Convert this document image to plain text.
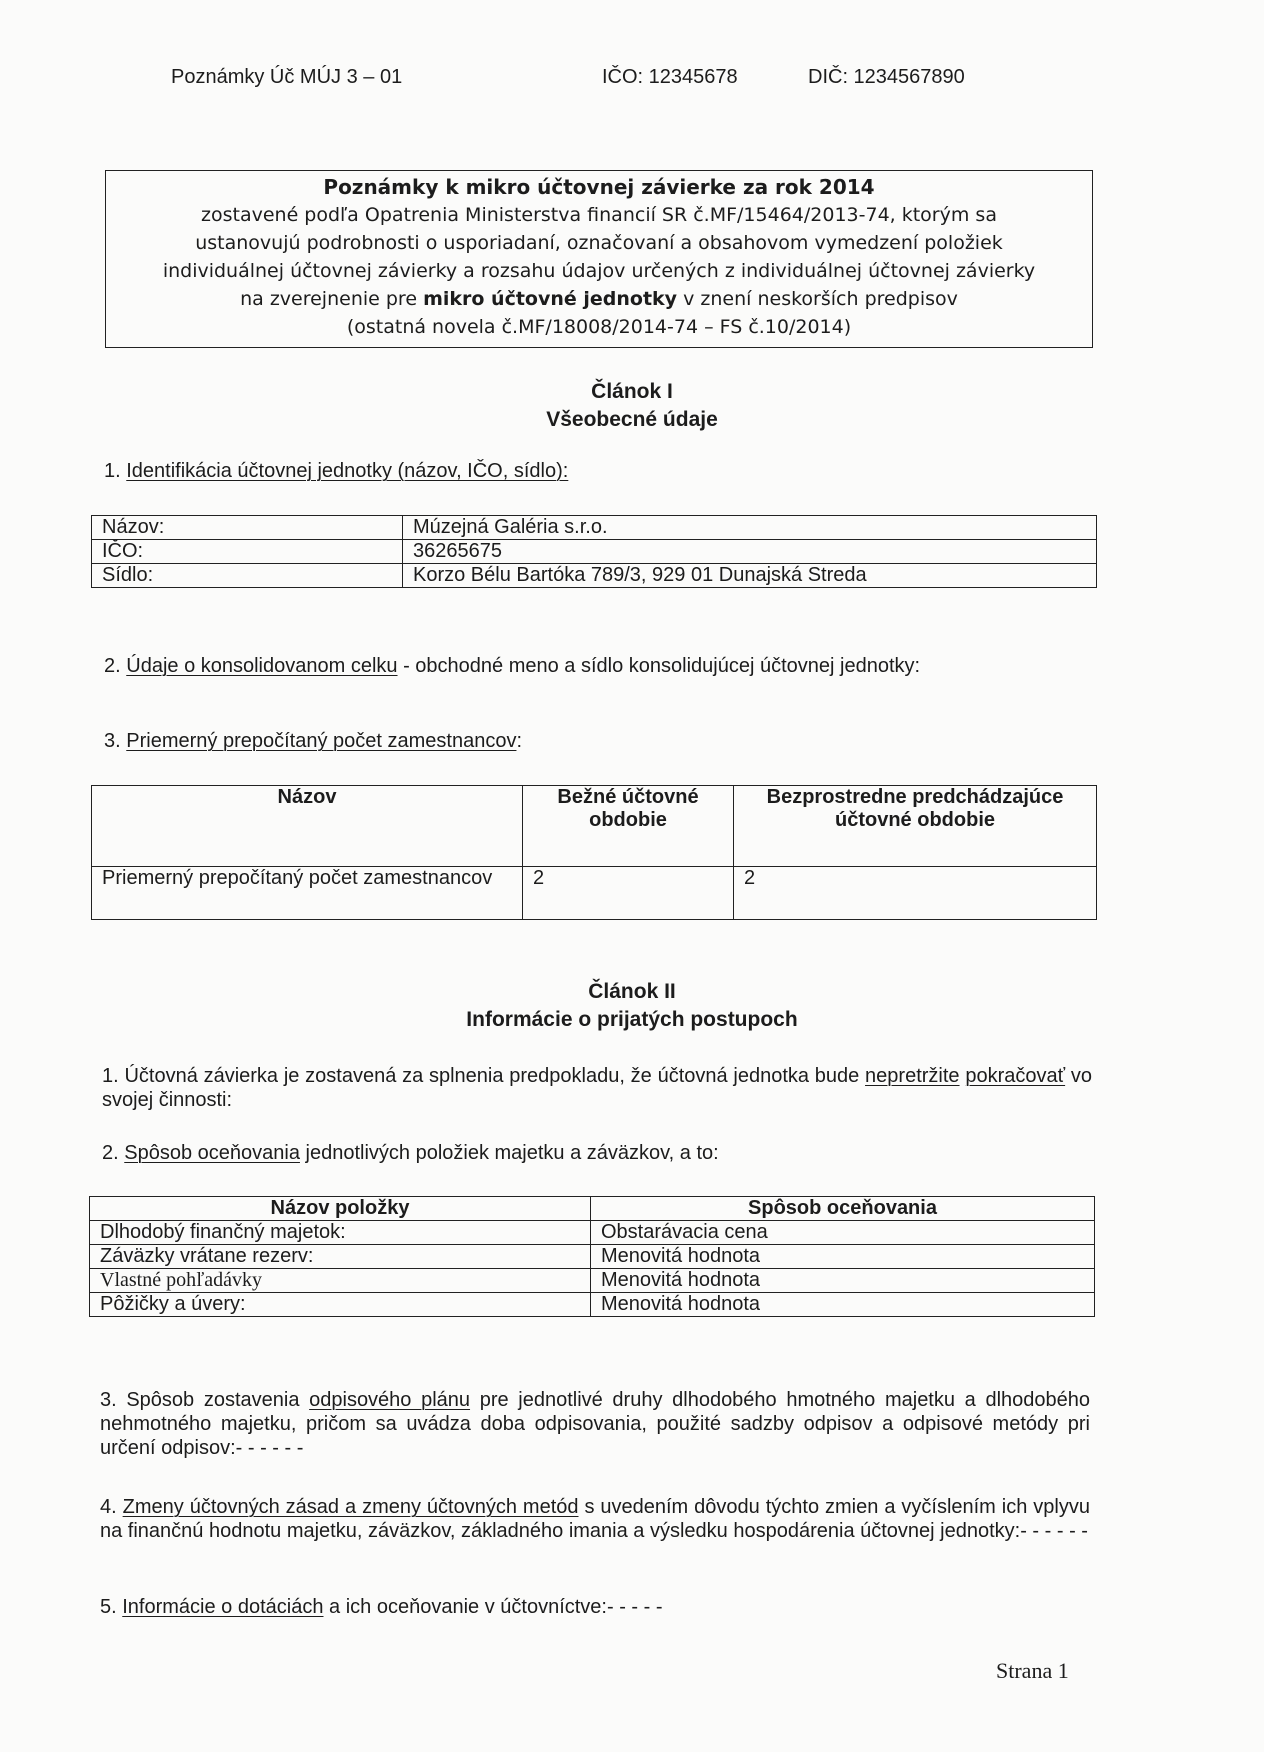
Poznámky Úč MÚJ 3 – 01	IČO: 12345678	DIČ: 1234567890
Poznámky k mikro účtovnej závierke za rok 2014
zostavené podľa Opatrenia Ministerstva financií SR č.MF/15464/2013-74, ktorým sa
ustanovujú podrobnosti o usporiadaní, označovaní a obsahovom vymedzení položiek
individuálnej účtovnej závierky a rozsahu údajov určených z individuálnej účtovnej závierky
na zverejnenie pre mikro účtovné jednotky v znení neskorších predpisov
(ostatná novela č.MF/18008/2014-74 – FS č.10/2014)
Článok I
Všeobecné údaje
1. Identifikácia účtovnej jednotky (názov, IČO, sídlo):
Názov:	Múzejná Galéria s.r.o.
IČO:	36265675
Sídlo:	Korzo Bélu Bartóka 789/3, 929 01 Dunajská Streda
2. Údaje o konsolidovanom celku - obchodné meno a sídlo konsolidujúcej účtovnej jednotky:
3. Priemerný prepočítaný počet zamestnancov:
Názov	Bežné účtovné obdobie	Bezprostredne predchádzajúce účtovné obdobie
Priemerný prepočítaný počet zamestnancov	2	2
Článok II
Informácie o prijatých postupoch
1. Účtovná závierka je zostavená za splnenia predpokladu, že účtovná jednotka bude nepretržite pokračovať vo svojej činnosti:
2. Spôsob oceňovania jednotlivých položiek majetku a záväzkov, a to:
Názov položky	Spôsob oceňovania
Dlhodobý finančný majetok:	Obstarávacia cena
Záväzky vrátane rezerv:	Menovitá hodnota
Vlastné pohľadávky	Menovitá hodnota
Pôžičky a úvery:	Menovitá hodnota
3. Spôsob zostavenia odpisového plánu pre jednotlivé druhy dlhodobého hmotného majetku a dlhodobého nehmotného majetku, pričom sa uvádza doba odpisovania, použité sadzby odpisov a odpisové metódy pri určení odpisov:- - - - - -
4. Zmeny účtovných zásad a zmeny účtovných metód s uvedením dôvodu týchto zmien a vyčíslením ich vplyvu na finančnú hodnotu majetku, záväzkov, základného imania a výsledku hospodárenia účtovnej jednotky:- - - - - -
5. Informácie o dotáciách a ich oceňovanie v účtovníctve:- - - - -
Strana 1
